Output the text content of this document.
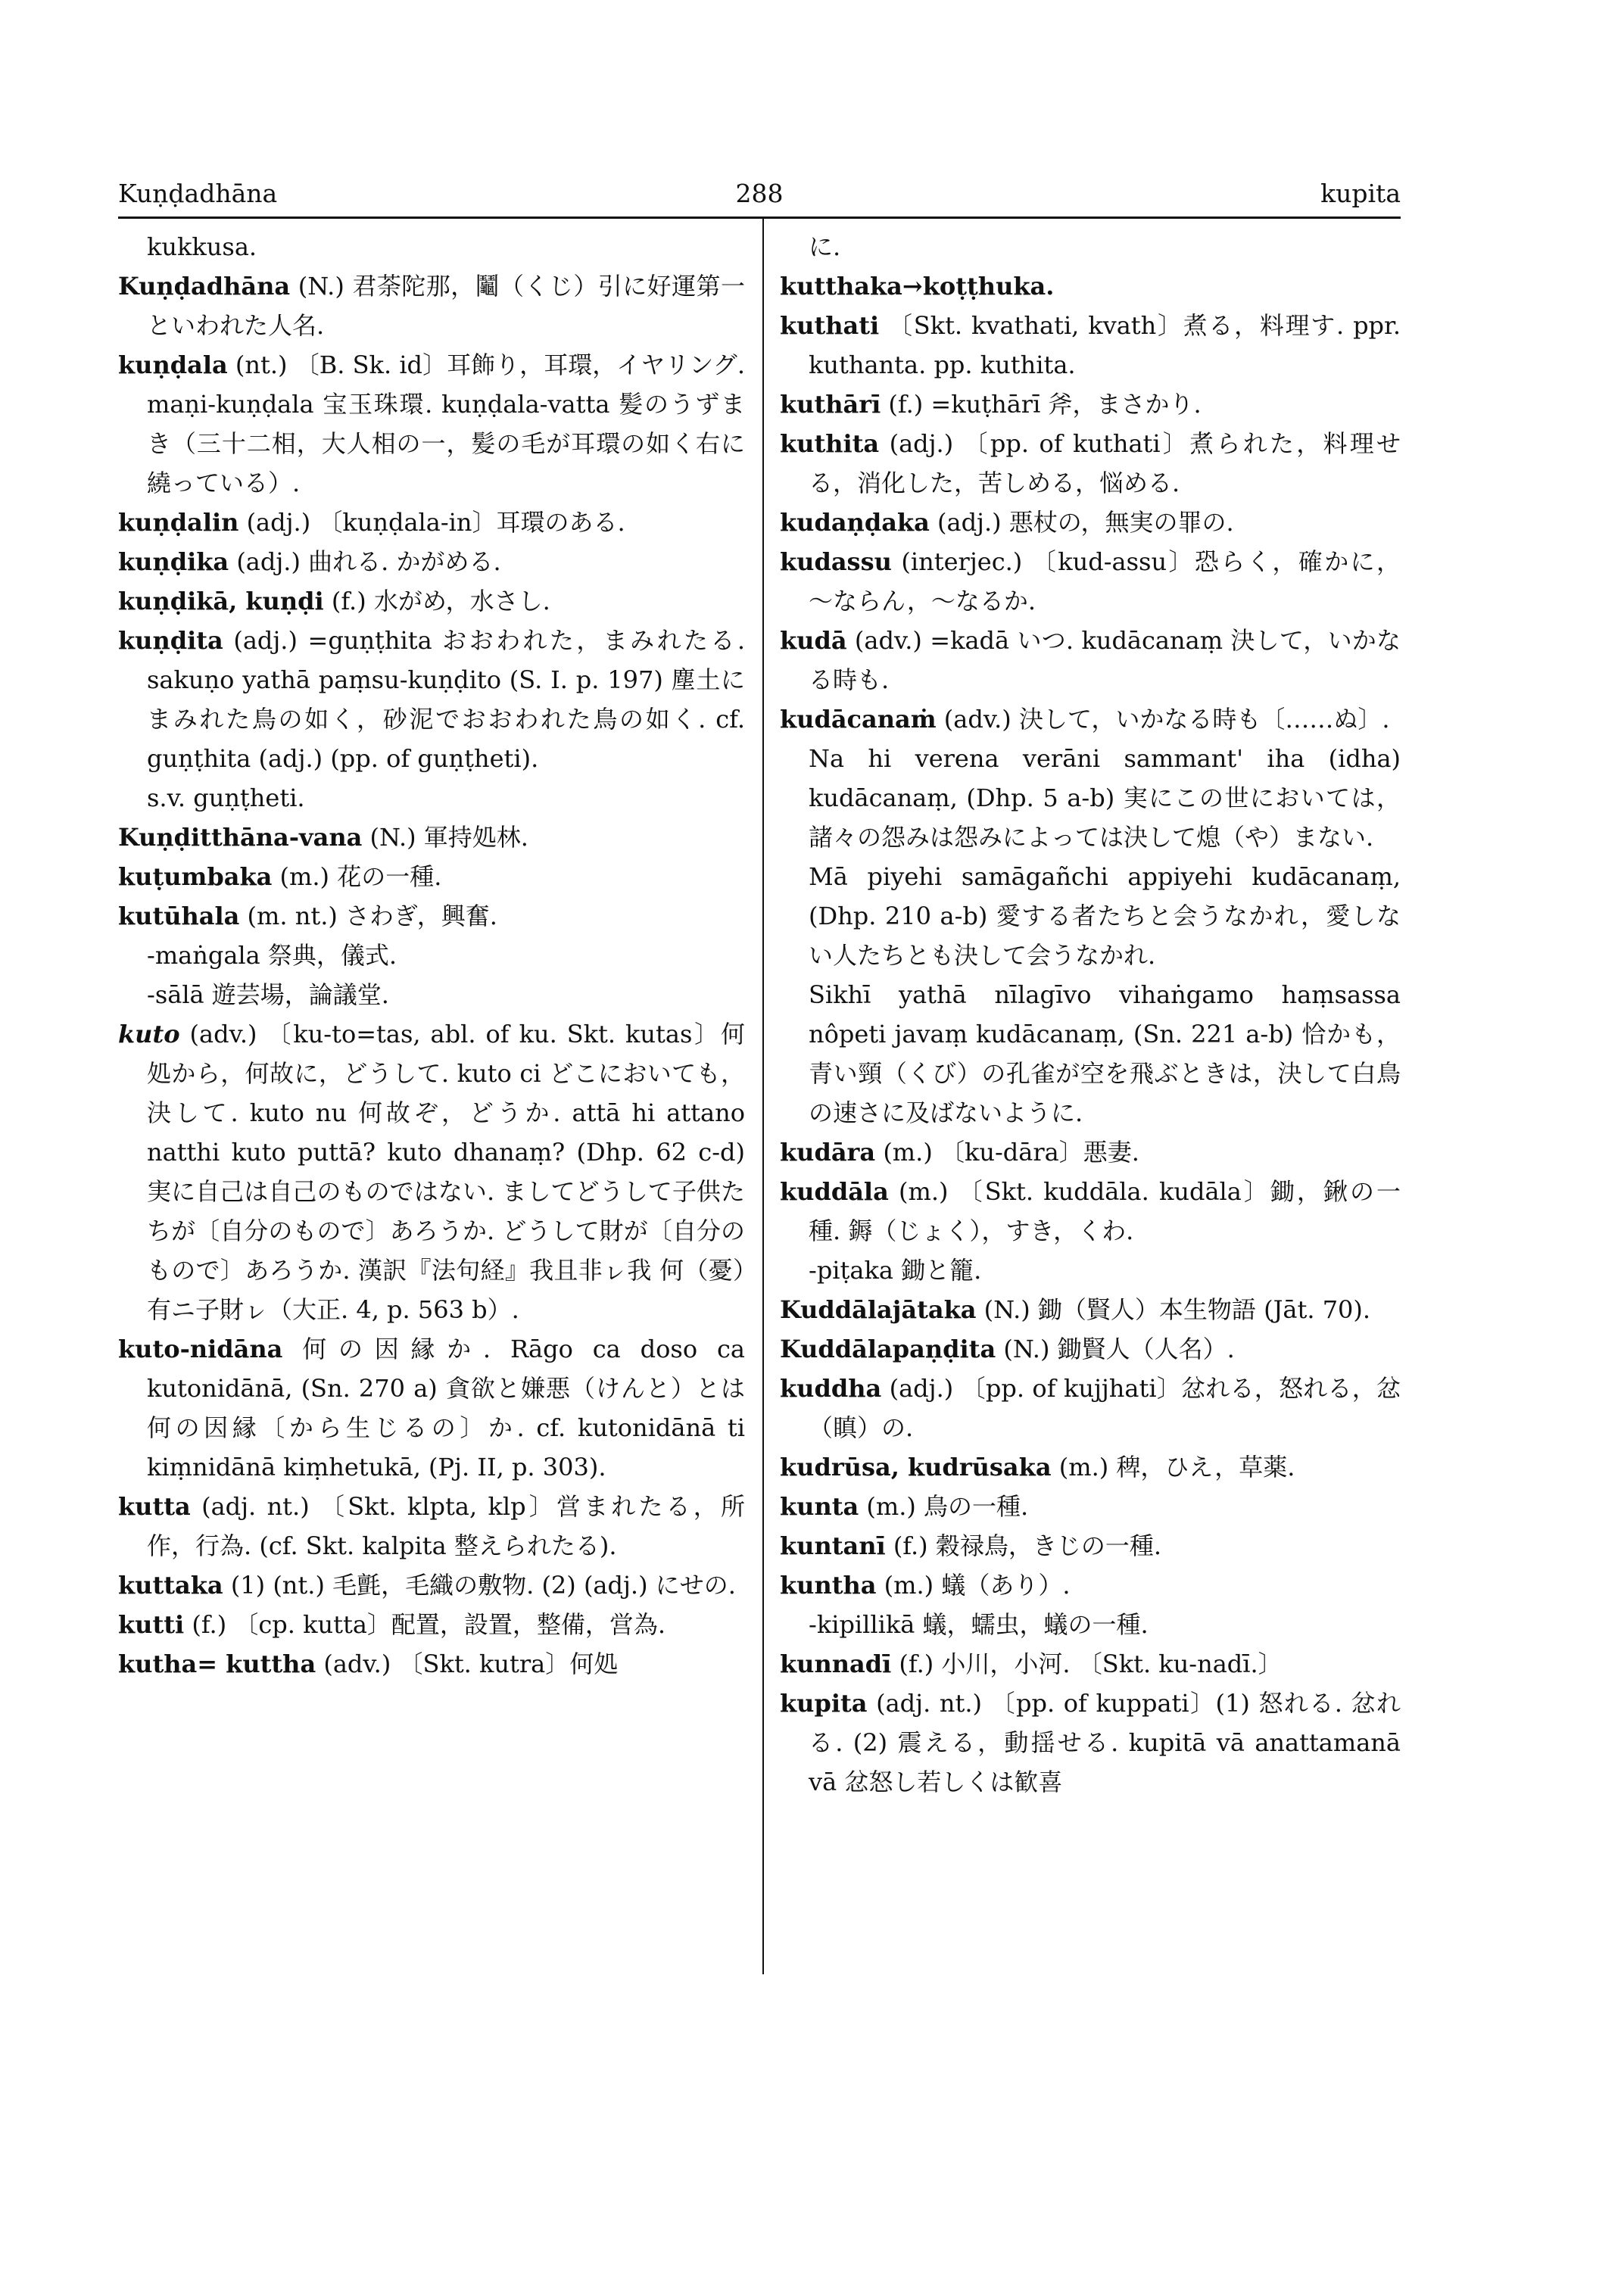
Kuṇḍadhāna	288	kupita

kukkusa.

Kuṇḍadhāna (N.) 君荼陀那，鬮（くじ）引に好運第一といわれた人名.

kuṇḍala (nt.) 〔B. Sk. id〕耳飾り，耳環，イヤリング. maṇi-kuṇḍala 宝玉珠環. kuṇḍala-vatta 髪のうずまき（三十二相，大人相の一，髪の毛が耳環の如く右に繞っている）.

kuṇḍalin (adj.) 〔kuṇḍala-in〕耳環のある.

kuṇḍika (adj.) 曲れる. かがめる.

kuṇḍikā, kuṇḍi (f.) 水がめ，水さし.

kuṇḍita (adj.) =guṇṭhita おおわれた，まみれたる. sakuṇo yathā paṃsu-kuṇḍito (S. I. p. 197) 塵土にまみれた鳥の如く，砂泥でおおわれた鳥の如く. cf. guṇṭhita (adj.) (pp. of guṇṭheti).

s.v. guṇṭheti.

Kuṇḍitthāna-vana (N.) 軍持処林.

kuṭumbaka (m.) 花の一種.

kutūhala (m. nt.) さわぎ，興奮.

-maṅgala 祭典，儀式.

-sālā 遊芸場，論議堂.

kuto (adv.) 〔ku-to=tas, abl. of ku. Skt. kutas〕何処から，何故に，どうして. kuto ci どこにおいても，決して. kuto nu 何故ぞ，どうか. attā hi attano natthi kuto puttā? kuto dhanaṃ? (Dhp. 62 c-d) 実に自己は自己のものではない. ましてどうして子供たちが〔自分のもので〕あろうか. どうして財が〔自分のもので〕あろうか. 漢訳『法句経』我且非ㇾ我 何（憂）有ニ子財ㇾ（大正. 4, p. 563 b）.

kuto-nidāna 何の因縁か. Rāgo ca doso ca kutonidānā, (Sn. 270 a) 貪欲と嫌悪（けんと）とは何の因縁〔から生じるの〕か. cf. kutonidānā ti kiṃnidānā kiṃhetukā, (Pj. II, p. 303).

kutta (adj. nt.) 〔Skt. klpta, klp〕営まれたる，所作，行為. (cf. Skt. kalpita 整えられたる).

kuttaka (1) (nt.) 毛氈，毛織の敷物. (2) (adj.) にせの.

kutti (f.) 〔cp. kutta〕配置，設置，整備，営為.

kutha= kuttha (adv.) 〔Skt. kutra〕何処

に.

kutthaka→koṭṭhuka.

kuthati 〔Skt. kvathati, kvath〕煮る，料理す. ppr. kuthanta. pp. kuthita.

kuthārī (f.) =kuṭhārī 斧，まさかり.

kuthita (adj.) 〔pp. of kuthati〕煮られた，料理せる，消化した，苦しめる，悩める.

kudaṇḍaka (adj.) 悪杖の，無実の罪の.

kudassu (interjec.) 〔kud-assu〕恐らく，確かに，～ならん，～なるか.

kudā (adv.) =kadā いつ. kudācanaṃ 決して，いかなる時も.

kudācanaṁ (adv.) 決して，いかなる時も〔……ぬ〕.

Na hi verena verāni sammant' iha (idha) kudācanaṃ, (Dhp. 5 a-b) 実にこの世においては，諸々の怨みは怨みによっては決して熄（や）まない.

Mā piyehi samāgañchi appiyehi kudācanaṃ, (Dhp. 210 a-b) 愛する者たちと会うなかれ，愛しない人たちとも決して会うなかれ.

Sikhī yathā nīlagīvo vihaṅgamo haṃsassa nôpeti javaṃ kudācanaṃ, (Sn. 221 a-b) 恰かも，青い頸（くび）の孔雀が空を飛ぶときは，決して白鳥の速さに及ばないように.

kudāra (m.) 〔ku-dāra〕悪妻.

kuddāla (m.) 〔Skt. kuddāla. kudāla〕鋤，鍬の一種. 鎒（じょく），すき，くわ.

-piṭaka 鋤と籠.

Kuddālajātaka (N.) 鋤（賢人）本生物語 (Jāt. 70).

Kuddālapaṇḍita (N.) 鋤賢人（人名）.

kuddha (adj.) 〔pp. of kujjhati〕忿れる，怒れる，忿（瞋）の.

kudrūsa, kudrūsaka (m.) 稗，ひえ，草薬.

kunta (m.) 鳥の一種.

kuntanī (f.) 穀禄鳥，きじの一種.

kuntha (m.) 蟻（あり）.

-kipillikā 蟻，蠕虫，蟻の一種.

kunnadī (f.) 小川，小河. 〔Skt. ku-nadī.〕

kupita (adj. nt.) 〔pp. of kuppati〕(1) 怒れる. 忿れる. (2) 震える，動揺せる. kupitā vā anattamanā vā 忿怒し若しくは歓喜
